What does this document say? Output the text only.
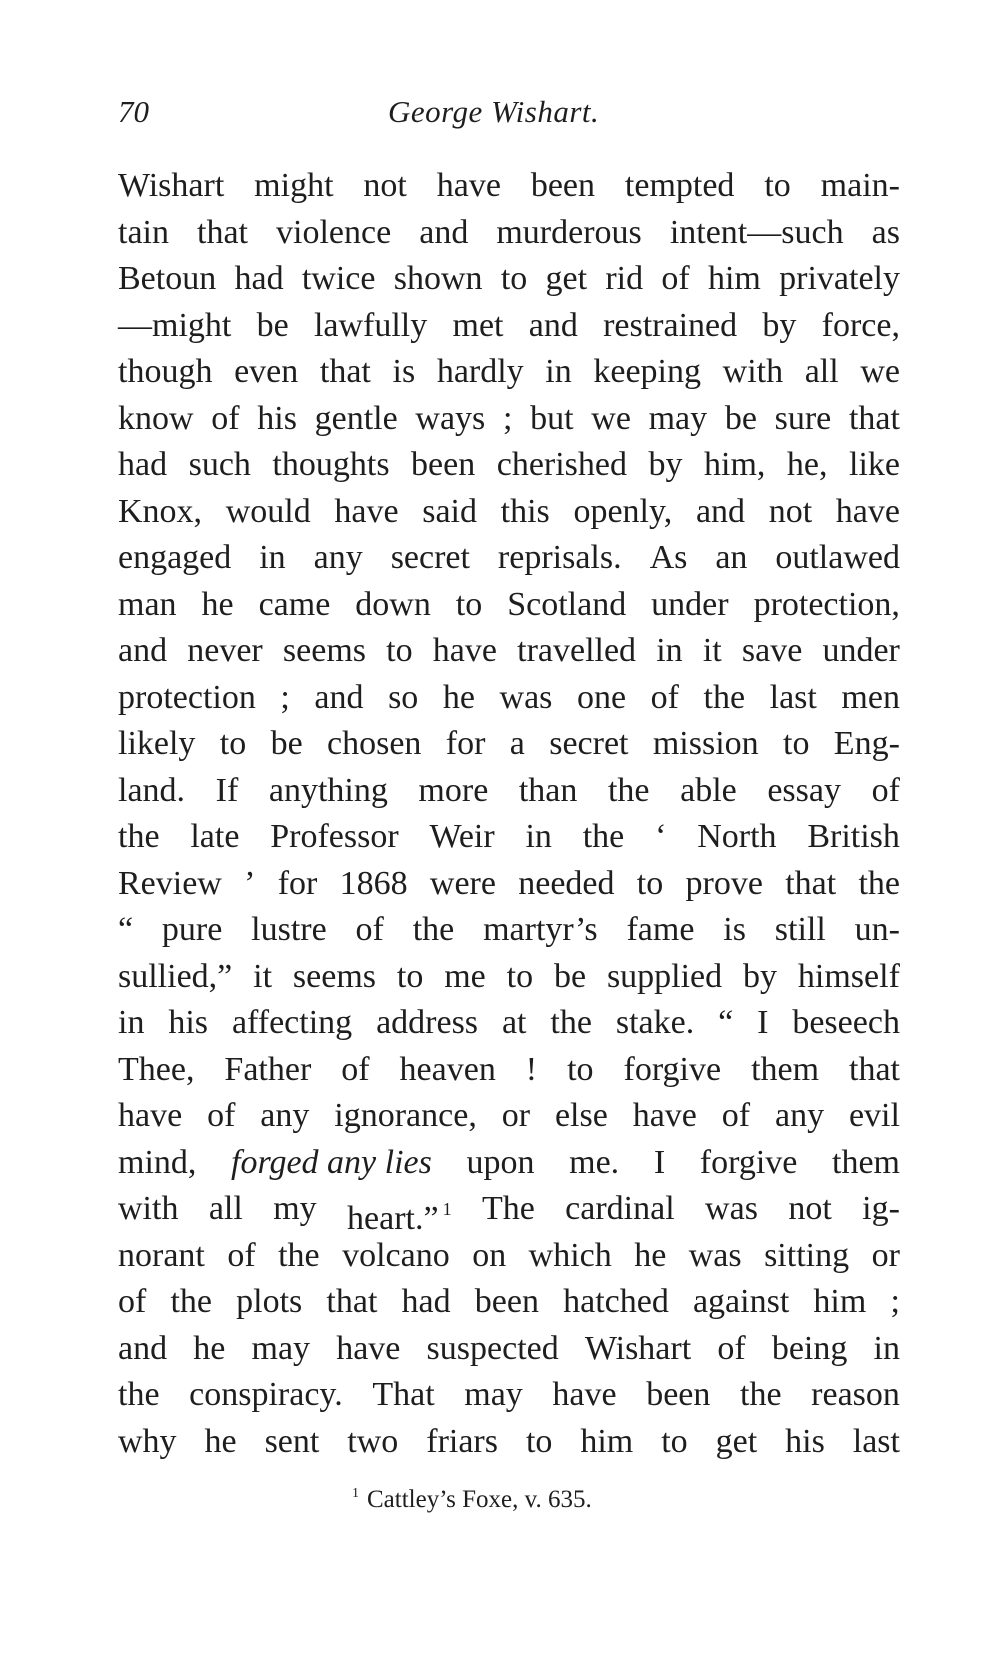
70	George Wishart.
Wishart might not have been tempted to main-
tain that violence and murderous intent—such as
Betoun had twice shown to get rid of him privately
—might be lawfully met and restrained by force,
though even that is hardly in keeping with all we
know of his gentle ways ; but we may be sure that
had such thoughts been cherished by him, he, like
Knox, would have said this openly, and not have
engaged in any secret reprisals. As an outlawed
man he came down to Scotland under protection,
and never seems to have travelled in it save under
protection ; and so he was one of the last men
likely to be chosen for a secret mission to Eng-
land. If anything more than the able essay of
the late Professor Weir in the ‘ North British
Review ’ for 1868 were needed to prove that the
“ pure lustre of the martyr’s fame is still un-
sullied,” it seems to me to be supplied by himself
in his affecting address at the stake. “ I beseech
Thee, Father of heaven ! to forgive them that
have of any ignorance, or else have of any evil
mind, forged any lies upon me. I forgive them
with all my heart.” $^1$ The cardinal was not ig-
norant of the volcano on which he was sitting or
of the plots that had been hatched against him ;
and he may have suspected Wishart of being in
the conspiracy. That may have been the reason
why he sent two friars to him to get his last
$^1$ Cattley’s Foxe, v. 635.
